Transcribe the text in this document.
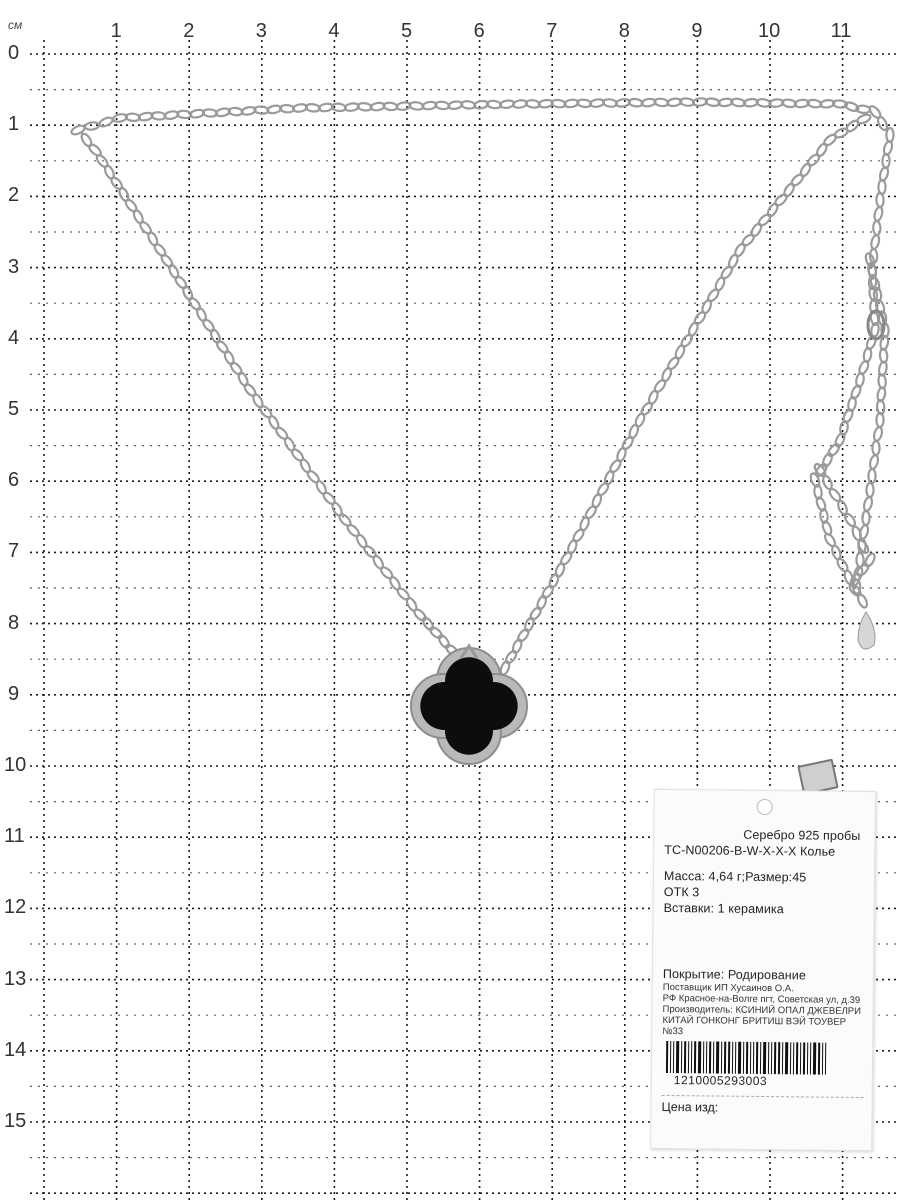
см	1	2	3	4	5	6	7	8	9	10	11
0
1
2
3
4
5
6
7
8
9
10
11
12
13
14
15
Серебро 925 пробы
ТС-N00206-B-W-X-X-X Колье
Масса: 4,64 г;Размер:45
ОТК 3
Вставки: 1 керамика
Покрытие: Родирование
Поставщик ИП Хусаинов О.А.
РФ Красное-на-Волге пгт, Советская ул, д.39
Производитель: КСИНИЙ ОПАЛ ДЖЕВЕЛРИ
КИТАЙ ГОНКОНГ БРИТИШ ВЭЙ ТОУВЕР
№33
1210005293003
Цена изд:
